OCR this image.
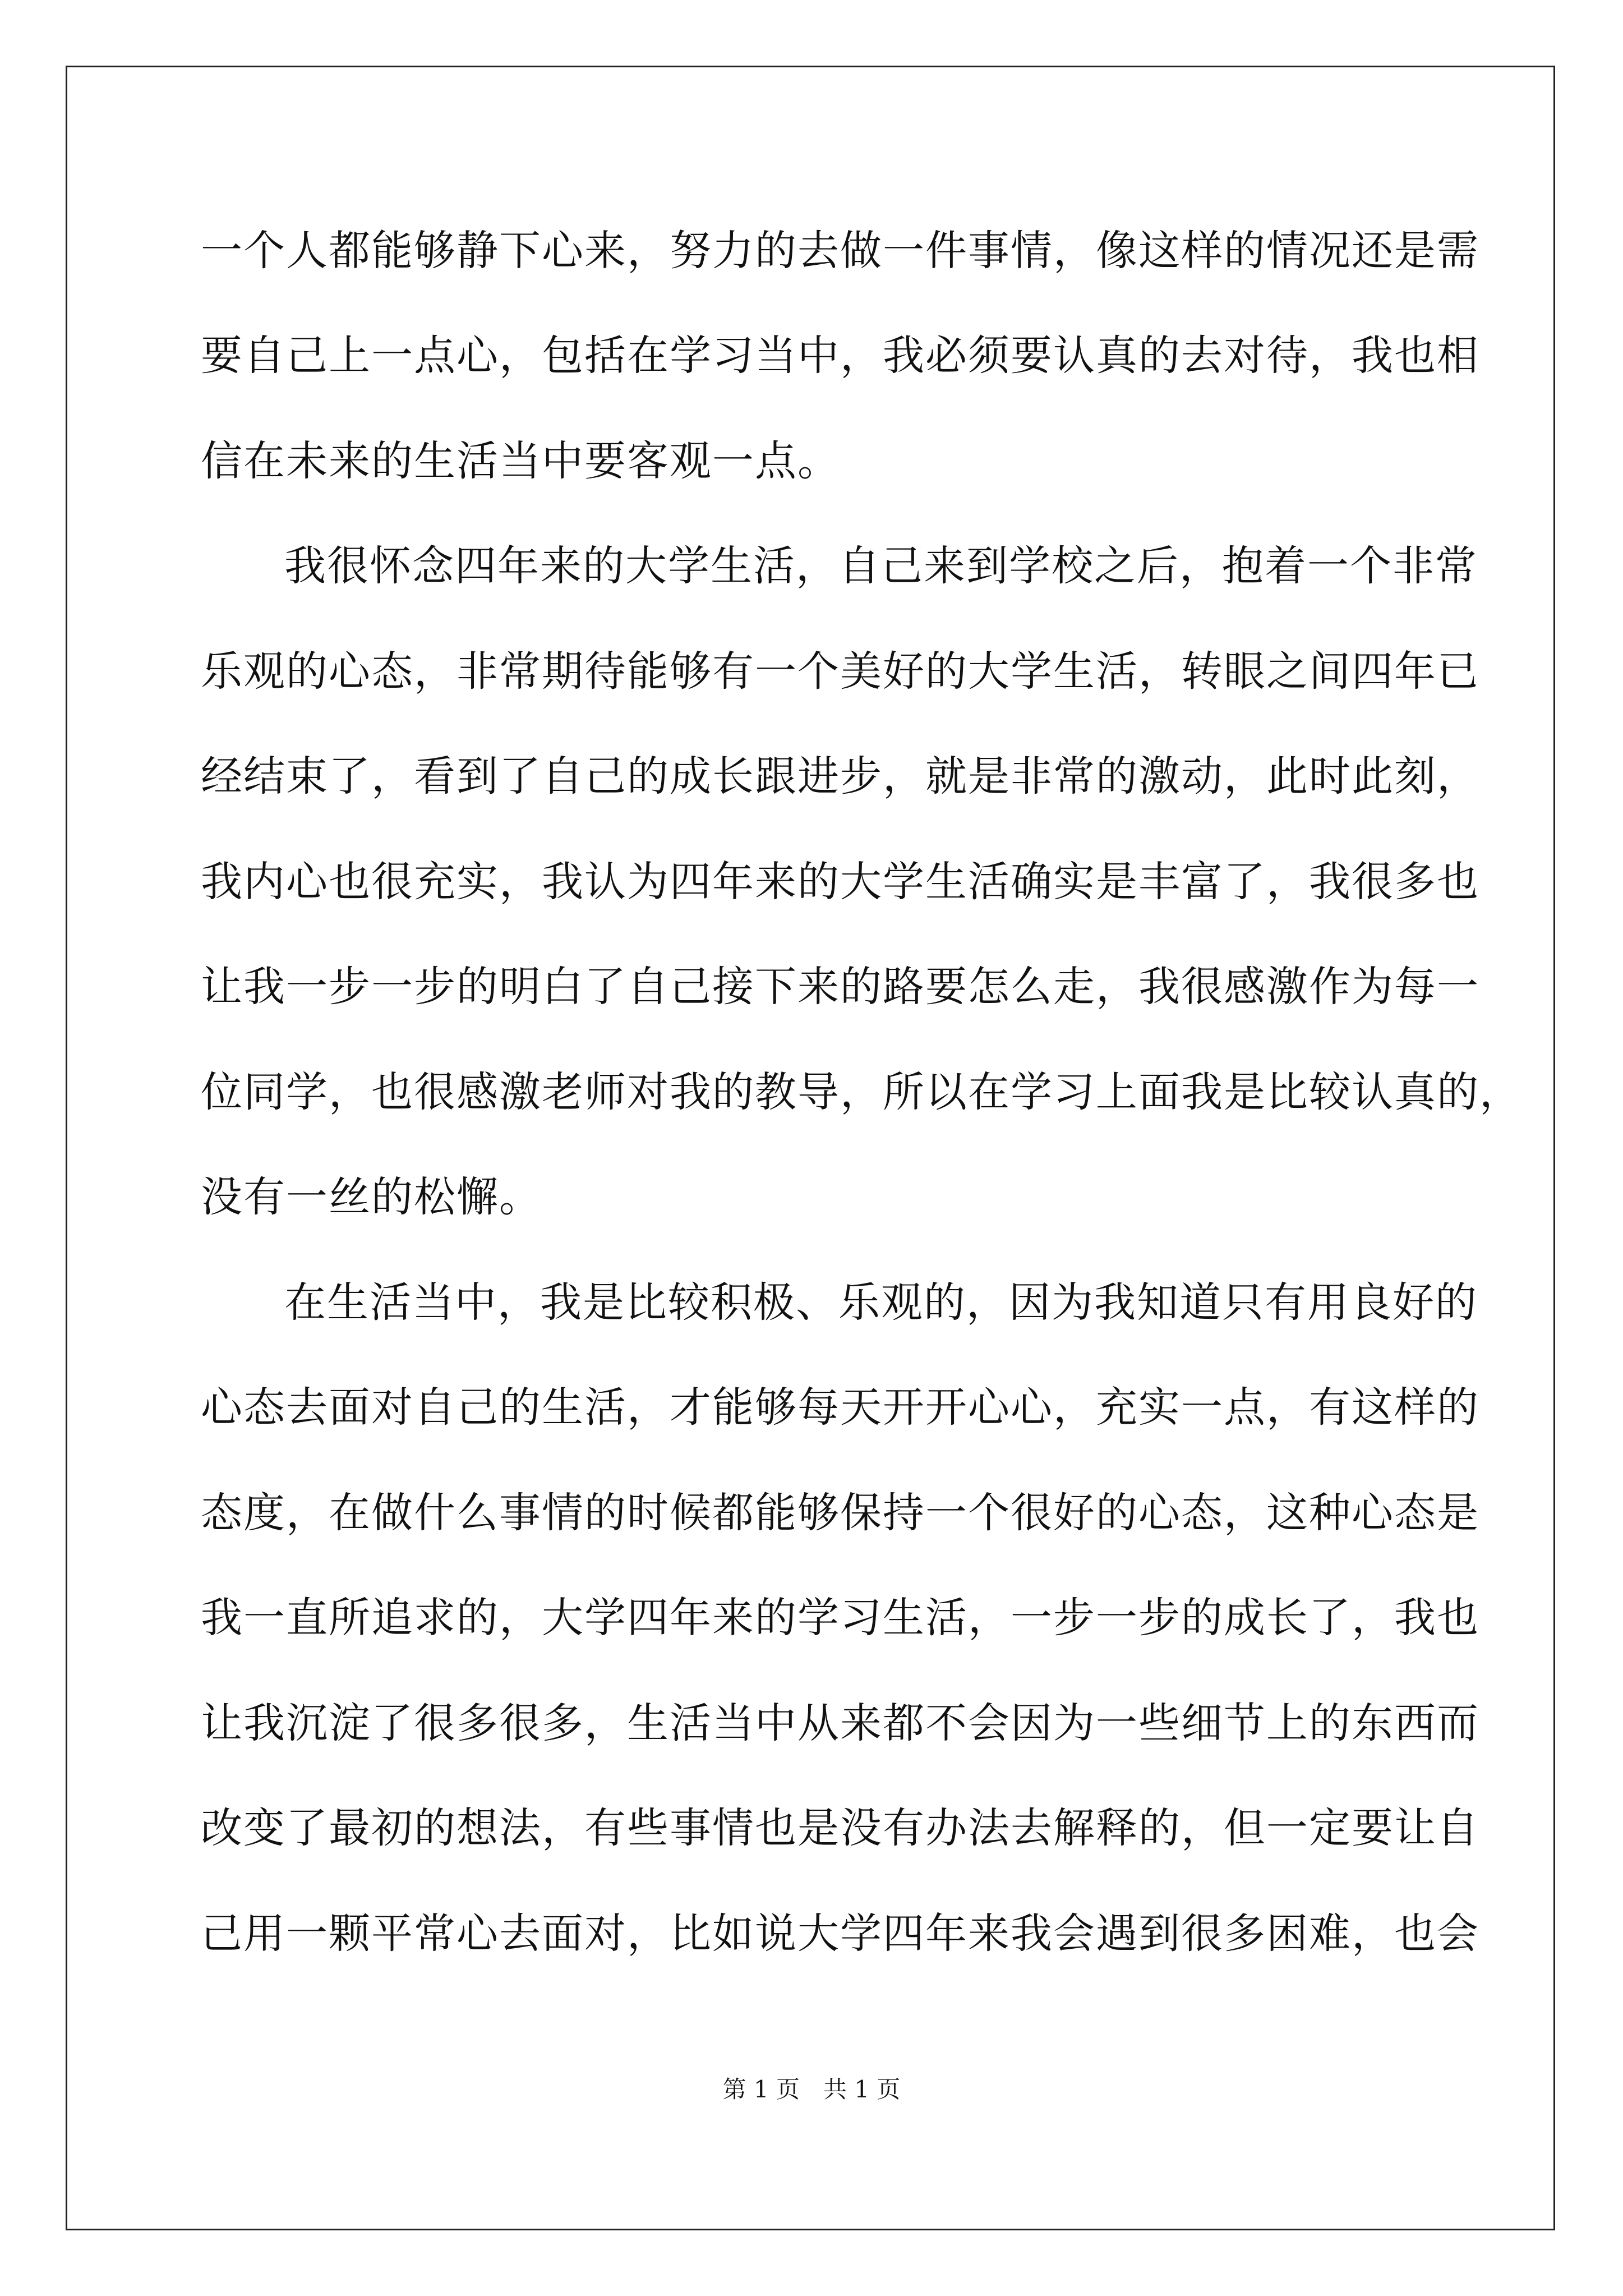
一个人都能够静下心来，努力的去做一件事情，像这样的情况还是需
要自己上一点心，包括在学习当中，我必须要认真的去对待，我也相
信在未来的生活当中要客观一点。
我很怀念四年来的大学生活，自己来到学校之后，抱着一个非常
乐观的心态，非常期待能够有一个美好的大学生活，转眼之间四年已
经结束了，看到了自己的成长跟进步，就是非常的激动，此时此刻，
我内心也很充实，我认为四年来的大学生活确实是丰富了，我很多也
让我一步一步的明白了自己接下来的路要怎么走，我很感激作为每一
位同学，也很感激老师对我的教导，所以在学习上面我是比较认真的，
没有一丝的松懈。
在生活当中，我是比较积极、乐观的，因为我知道只有用良好的
心态去面对自己的生活，才能够每天开开心心，充实一点，有这样的
态度，在做什么事情的时候都能够保持一个很好的心态，这种心态是
我一直所追求的，大学四年来的学习生活，一步一步的成长了，我也
让我沉淀了很多很多，生活当中从来都不会因为一些细节上的东西而
改变了最初的想法，有些事情也是没有办法去解释的，但一定要让自
己用一颗平常心去面对，比如说大学四年来我会遇到很多困难，也会
第 1 页　共 1 页
